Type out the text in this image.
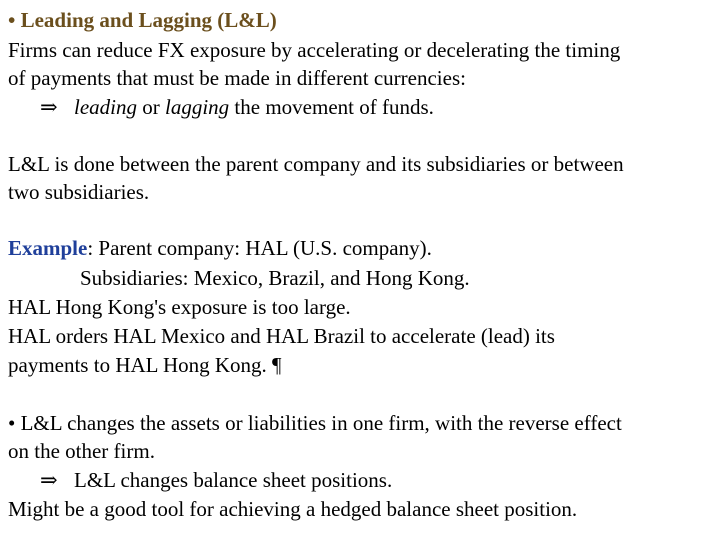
• Leading and Lagging (L&L)
Firms can reduce FX exposure by accelerating or decelerating the timing
of payments that must be made in different currencies:
⇒ leading or lagging the movement of funds.
L&L is done between the parent company and its subsidiaries or between
two subsidiaries.
Example: Parent company: HAL (U.S. company).
Subsidiaries: Mexico, Brazil, and Hong Kong.
HAL Hong Kong's exposure is too large.
HAL orders HAL Mexico and HAL Brazil to accelerate (lead) its
payments to HAL Hong Kong. ¶
• L&L changes the assets or liabilities in one firm, with the reverse effect
on the other firm.
⇒ L&L changes balance sheet positions.
Might be a good tool for achieving a hedged balance sheet position.
